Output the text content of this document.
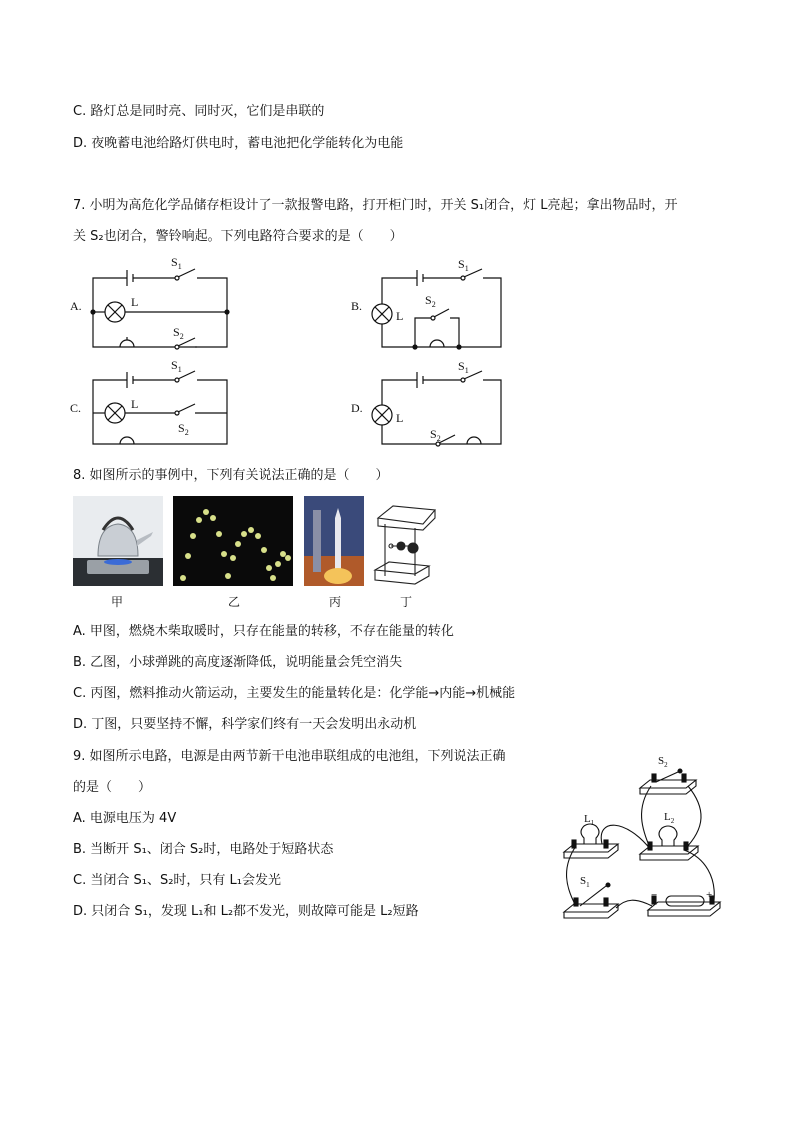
C. 路灯总是同时亮、同时灭，它们是串联的
D. 夜晚蓄电池给路灯供电时，蓄电池把化学能转化为电能
7. 小明为高危化学品储存柜设计了一款报警电路，打开柜门时，开关 S₁闭合，灯 L亮起；拿出物品时，开
关 S₂也闭合，警铃响起。下列电路符合要求的是（　　）
A.	L
$S_1$
$S_2$
B.
L
$S_1$
$S_2$
C.	L
$S_1$
$S_2$
D.
L
$S_1$
$S_2$
8. 如图所示的事例中，下列有关说法正确的是（　　）
甲	乙	丙	丁
A. 甲图，燃烧木柴取暖时，只存在能量的转移，不存在能量的转化
B. 乙图，小球弹跳的高度逐渐降低，说明能量会凭空消失
C. 丙图，燃料推动火箭运动，主要发生的能量转化是：化学能→内能→机械能
D. 丁图，只要坚持不懈，科学家们终有一天会发明出永动机
9. 如图所示电路，电源是由两节新干电池串联组成的电池组，下列说法正确
的是（　　）
A. 电源电压为 4V
B. 当断开 S₁、闭合 S₂时，电路处于短路状态
C. 当闭合 S₁、S₂时，只有 L₁会发光
D. 只闭合 S₁，发现 L₁和 L₂都不发光，则故障可能是 L₂短路
$S_2$
$L_1$	$L_2$
$S_1$
−	+
